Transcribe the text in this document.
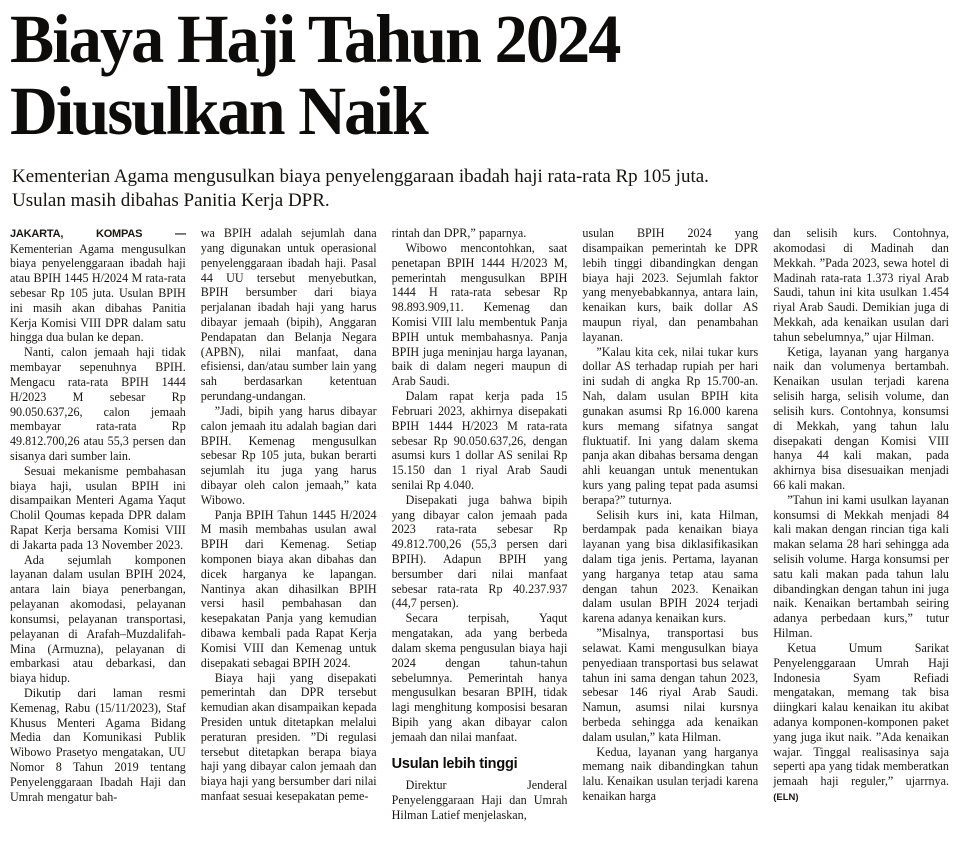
Biaya Haji Tahun 2024
Diusulkan Naik

Kementerian Agama mengusulkan biaya penyelenggaraan ibadah haji rata-rata Rp 105 juta. Usulan masih dibahas Panitia Kerja DPR.

JAKARTA, KOMPAS — Kementerian Agama mengusulkan biaya penyelenggaraan ibadah haji atau BPIH 1445 H/2024 M rata-rata sebesar Rp 105 juta. Usulan BPIH ini masih akan dibahas Panitia Kerja Komisi VIII DPR dalam satu hingga dua bulan ke depan.

Nanti, calon jemaah haji tidak membayar sepenuhnya BPIH. Mengacu rata-rata BPIH 1444 H/2023 M sebesar Rp 90.050.637,26, calon jemaah membayar rata-rata Rp 49.812.700,26 atau 55,3 persen dan sisanya dari sumber lain.

Sesuai mekanisme pembahasan biaya haji, usulan BPIH ini disampaikan Menteri Agama Yaqut Cholil Qoumas kepada DPR dalam Rapat Kerja bersama Komisi VIII di Jakarta pada 13 November 2023.

Ada sejumlah komponen layanan dalam usulan BPIH 2024, antara lain biaya penerbangan, pelayanan akomodasi, pelayanan konsumsi, pelayanan transportasi, pelayanan di Arafah–Muzdalifah-Mina (Armuzna), pelayanan di embarkasi atau debarkasi, dan biaya hidup.

Dikutip dari laman resmi Kemenag, Rabu (15/11/2023), Staf Khusus Menteri Agama Bidang Media dan Komunikasi Publik Wibowo Prasetyo mengatakan, UU Nomor 8 Tahun 2019 tentang Penyelenggaraan Ibadah Haji dan Umrah mengatur bah-

wa BPIH adalah sejumlah dana yang digunakan untuk operasional penyelenggaraan ibadah haji. Pasal 44 UU tersebut menyebutkan, BPIH bersumber dari biaya perjalanan ibadah haji yang harus dibayar jemaah (bipih), Anggaran Pendapatan dan Belanja Negara (APBN), nilai manfaat, dana efisiensi, dan/atau sumber lain yang sah berdasarkan ketentuan perundang-undangan.

”Jadi, bipih yang harus dibayar calon jemaah itu adalah bagian dari BPIH. Kemenag mengusulkan sebesar Rp 105 juta, bukan berarti sejumlah itu juga yang harus dibayar oleh calon jemaah,” kata Wibowo.

Panja BPIH Tahun 1445 H/2024 M masih membahas usulan awal BPIH dari Kemenag. Setiap komponen biaya akan dibahas dan dicek harganya ke lapangan. Nantinya akan dihasilkan BPIH versi hasil pembahasan dan kesepakatan Panja yang kemudian dibawa kembali pada Rapat Kerja Komisi VIII dan Kemenag untuk disepakati sebagai BPIH 2024.

Biaya haji yang disepakati pemerintah dan DPR tersebut kemudian akan disampaikan kepada Presiden untuk ditetapkan melalui peraturan presiden. ”Di regulasi tersebut ditetapkan berapa biaya haji yang dibayar calon jemaah dan biaya haji yang bersumber dari nilai manfaat sesuai kesepakatan peme-

rintah dan DPR,” paparnya.

Wibowo mencontohkan, saat penetapan BPIH 1444 H/2023 M, pemerintah mengusulkan BPIH 1444 H rata-rata sebesar Rp 98.893.909,11. Kemenag dan Komisi VIII lalu membentuk Panja BPIH untuk membahasnya. Panja BPIH juga meninjau harga layanan, baik di dalam negeri maupun di Arab Saudi.

Dalam rapat kerja pada 15 Februari 2023, akhirnya disepakati BPIH 1444 H/2023 M rata-rata sebesar Rp 90.050.637,26, dengan asumsi kurs 1 dollar AS senilai Rp 15.150 dan 1 riyal Arab Saudi senilai Rp 4.040.

Disepakati juga bahwa bipih yang dibayar calon jemaah pada 2023 rata-rata sebesar Rp 49.812.700,26 (55,3 persen dari BPIH). Adapun BPIH yang bersumber dari nilai manfaat sebesar rata-rata Rp 40.237.937 (44,7 persen).

Secara terpisah, Yaqut mengatakan, ada yang berbeda dalam skema pengusulan biaya haji 2024 dengan tahun-tahun sebelumnya. Pemerintah hanya mengusulkan besaran BPIH, tidak lagi menghitung komposisi besaran Bipih yang akan dibayar calon jemaah dan nilai manfaat.

Usulan lebih tinggi

Direktur Jenderal Penyelenggaraan Haji dan Umrah Hilman Latief menjelaskan,

usulan BPIH 2024 yang disampaikan pemerintah ke DPR lebih tinggi dibandingkan dengan biaya haji 2023. Sejumlah faktor yang menyebabkannya, antara lain, kenaikan kurs, baik dollar AS maupun riyal, dan penambahan layanan.

”Kalau kita cek, nilai tukar kurs dollar AS terhadap rupiah per hari ini sudah di angka Rp 15.700-an. Nah, dalam usulan BPIH kita gunakan asumsi Rp 16.000 karena kurs memang sifatnya sangat fluktuatif. Ini yang dalam skema panja akan dibahas bersama dengan ahli keuangan untuk menentukan kurs yang paling tepat pada asumsi berapa?” tuturnya.

Selisih kurs ini, kata Hilman, berdampak pada kenaikan biaya layanan yang bisa diklasifikasikan dalam tiga jenis. Pertama, layanan yang harganya tetap atau sama dengan tahun 2023. Kenaikan dalam usulan BPIH 2024 terjadi karena adanya kenaikan kurs.

”Misalnya, transportasi bus selawat. Kami mengusulkan biaya penyediaan transportasi bus selawat tahun ini sama dengan tahun 2023, sebesar 146 riyal Arab Saudi. Namun, asumsi nilai kursnya berbeda sehingga ada kenaikan dalam usulan,” kata Hilman.

Kedua, layanan yang harganya memang naik dibandingkan tahun lalu. Kenaikan usulan terjadi karena kenaikan harga

dan selisih kurs. Contohnya, akomodasi di Madinah dan Mekkah. ”Pada 2023, sewa hotel di Madinah rata-rata 1.373 riyal Arab Saudi, tahun ini kita usulkan 1.454 riyal Arab Saudi. Demikian juga di Mekkah, ada kenaikan usulan dari tahun sebelumnya,” ujar Hilman.

Ketiga, layanan yang harganya naik dan volumenya bertambah. Kenaikan usulan terjadi karena selisih harga, selisih volume, dan selisih kurs. Contohnya, konsumsi di Mekkah, yang tahun lalu disepakati dengan Komisi VIII hanya 44 kali makan, pada akhirnya bisa disesuaikan menjadi 66 kali makan.

”Tahun ini kami usulkan layanan konsumsi di Mekkah menjadi 84 kali makan dengan rincian tiga kali makan selama 28 hari sehingga ada selisih volume. Harga konsumsi per satu kali makan pada tahun lalu dibandingkan dengan tahun ini juga naik. Kenaikan bertambah seiring adanya perbedaan kurs,” tutur Hilman.

Ketua Umum Sarikat Penyelenggaraan Umrah Haji Indonesia Syam Refiadi mengatakan, memang tak bisa diingkari kalau kenaikan itu akibat adanya komponen-komponen paket yang juga ikut naik. ”Ada kenaikan wajar. Tinggal realisasinya saja seperti apa yang tidak memberatkan jemaah haji reguler,” ujarrnya. (ELN)
